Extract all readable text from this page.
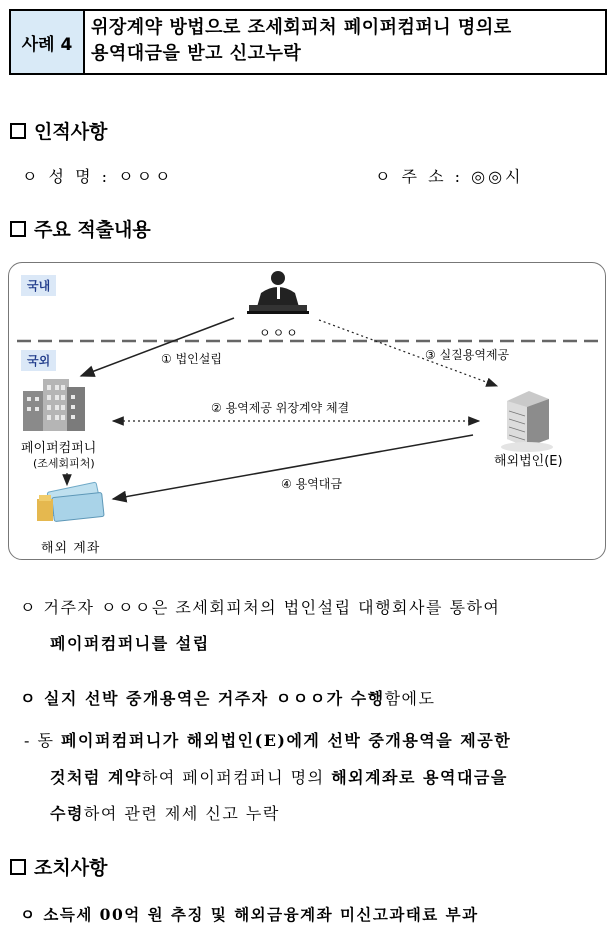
사례 4
위장계약 방법으로 조세회피처 페이퍼컴퍼니 명의로
용역대금을 받고 신고누락
인적사항
ㅇ 성 명 : ㅇㅇㅇ	ㅇ 주 소 : ◎◎시
주요 적출내용
국내
국외
ㅇㅇㅇ
① 법인설립	③ 실질용역제공
② 용역제공 위장계약 체결
페이퍼컴퍼니
(조세회피처)	해외법인(E)
④ 용역대금
해외 계좌
ㅇ 거주자 ㅇㅇㅇ은 조세회피처의 법인설립 대행회사를 통하여
페이퍼컴퍼니를 설립
ㅇ 실지 선박 중개용역은 거주자 ㅇㅇㅇ가 수행함에도
- 동 페이퍼컴퍼니가 해외법인(E)에게 선박 중개용역을 제공한
것처럼 계약하여 페이퍼컴퍼니 명의 해외계좌로 용역대금을
수령하여 관련 제세 신고 누락
조치사항
ㅇ 소득세 00억 원 추징 및 해외금융계좌 미신고과태료 부과
